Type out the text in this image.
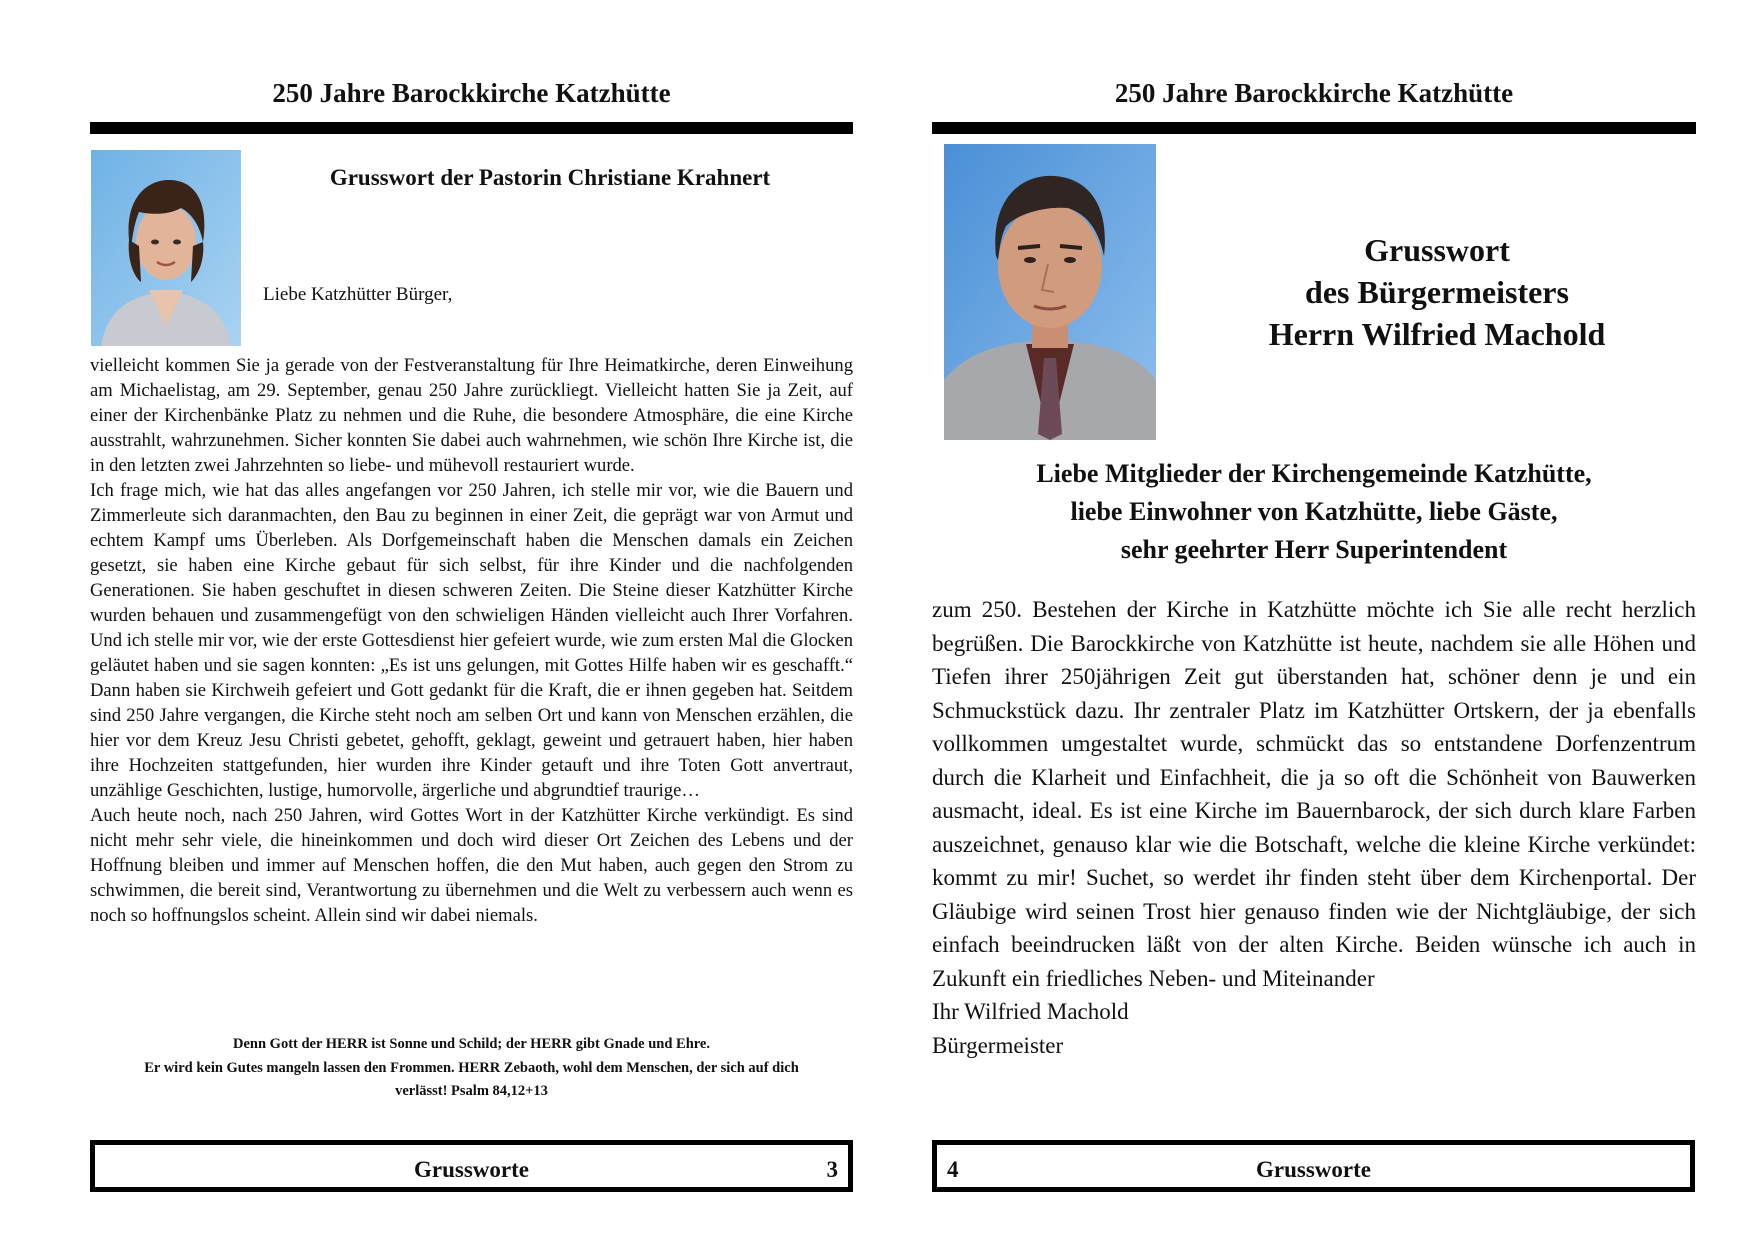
250 Jahre Barockkirche Katzhütte
Grusswort der Pastorin Christiane Krahnert
Liebe Katzhütter Bürger,

vielleicht kommen Sie ja gerade von der Festveranstaltung für Ihre Heimatkirche, deren Einweihung am Michaelistag, am 29. September, genau 250 Jahre zurückliegt. Vielleicht hatten Sie ja Zeit, auf einer der Kirchenbänke Platz zu nehmen und die Ruhe, die besondere Atmosphäre, die eine Kirche ausstrahlt, wahrzunehmen. Sicher konnten Sie dabei auch wahrnehmen, wie schön Ihre Kirche ist, die in den letzten zwei Jahrzehnten so liebe- und mühevoll restauriert wurde.

Ich frage mich, wie hat das alles angefangen vor 250 Jahren, ich stelle mir vor, wie die Bauern und Zimmerleute sich daranmachten, den Bau zu beginnen in einer Zeit, die geprägt war von Armut und echtem Kampf ums Überleben. Als Dorfgemeinschaft haben die Menschen damals ein Zeichen gesetzt, sie haben eine Kirche gebaut für sich selbst, für ihre Kinder und die nachfolgenden Generationen. Sie haben geschuftet in diesen schweren Zeiten. Die Steine dieser Katzhütter Kirche wurden behauen und zusammengefügt von den schwieligen Händen vielleicht auch Ihrer Vorfahren. Und ich stelle mir vor, wie der erste Gottesdienst hier gefeiert wurde, wie zum ersten Mal die Glocken geläutet haben und sie sagen konnten: „Es ist uns gelungen, mit Gottes Hilfe haben wir es geschafft.“ Dann haben sie Kirchweih gefeiert und Gott gedankt für die Kraft, die er ihnen gegeben hat. Seitdem sind 250 Jahre vergangen, die Kirche steht noch am selben Ort und kann von Menschen erzählen, die hier vor dem Kreuz Jesu Christi gebetet, gehofft, geklagt, geweint und getrauert haben, hier haben ihre Hochzeiten stattgefunden, hier wurden ihre Kinder getauft und ihre Toten Gott anvertraut, unzählige Geschichten, lustige, humorvolle, ärgerliche und abgrundtief traurige…

Auch heute noch, nach 250 Jahren, wird Gottes Wort in der Katzhütter Kirche verkündigt. Es sind nicht mehr sehr viele, die hineinkommen und doch wird dieser Ort Zeichen des Lebens und der Hoffnung bleiben und immer auf Menschen hoffen, die den Mut haben, auch gegen den Strom zu schwimmen, die bereit sind, Verantwortung zu übernehmen und die Welt zu verbessern auch wenn es noch so hoffnungslos scheint. Allein sind wir dabei niemals.

Denn Gott der HERR ist Sonne und Schild; der HERR gibt Gnade und Ehre.
Er wird kein Gutes mangeln lassen den Frommen. HERR Zebaoth, wohl dem Menschen, der sich auf dich
verlässt! Psalm 84,12+13
Grussworte	3
250 Jahre Barockkirche Katzhütte
Grusswort
des Bürgermeisters
Herrn Wilfried Machold
Liebe Mitglieder der Kirchengemeinde Katzhütte,
liebe Einwohner von Katzhütte, liebe Gäste,
sehr geehrter Herr Superintendent

zum 250. Bestehen der Kirche in Katzhütte möchte ich Sie alle recht herzlich begrüßen. Die Barockkirche von Katzhütte ist heute, nachdem sie alle Höhen und Tiefen ihrer 250jährigen Zeit gut überstanden hat, schöner denn je und ein Schmuckstück dazu. Ihr zentraler Platz im Katzhütter Ortskern, der ja ebenfalls vollkommen umgestaltet wurde, schmückt das so entstandene Dorfenzentrum durch die Klarheit und Einfachheit, die ja so oft die Schönheit von Bauwerken ausmacht, ideal. Es ist eine Kirche im Bauernbarock, der sich durch klare Farben auszeichnet, genauso klar wie die Botschaft, welche die kleine Kirche verkündet: kommt zu mir! Suchet, so werdet ihr finden steht über dem Kirchenportal. Der Gläubige wird seinen Trost hier genauso finden wie der Nichtgläubige, der sich einfach beeindrucken läßt von der alten Kirche. Beiden wünsche ich auch in Zukunft ein friedliches Neben- und Miteinander

Ihr Wilfried Machold

Bürgermeister

4	Grussworte
